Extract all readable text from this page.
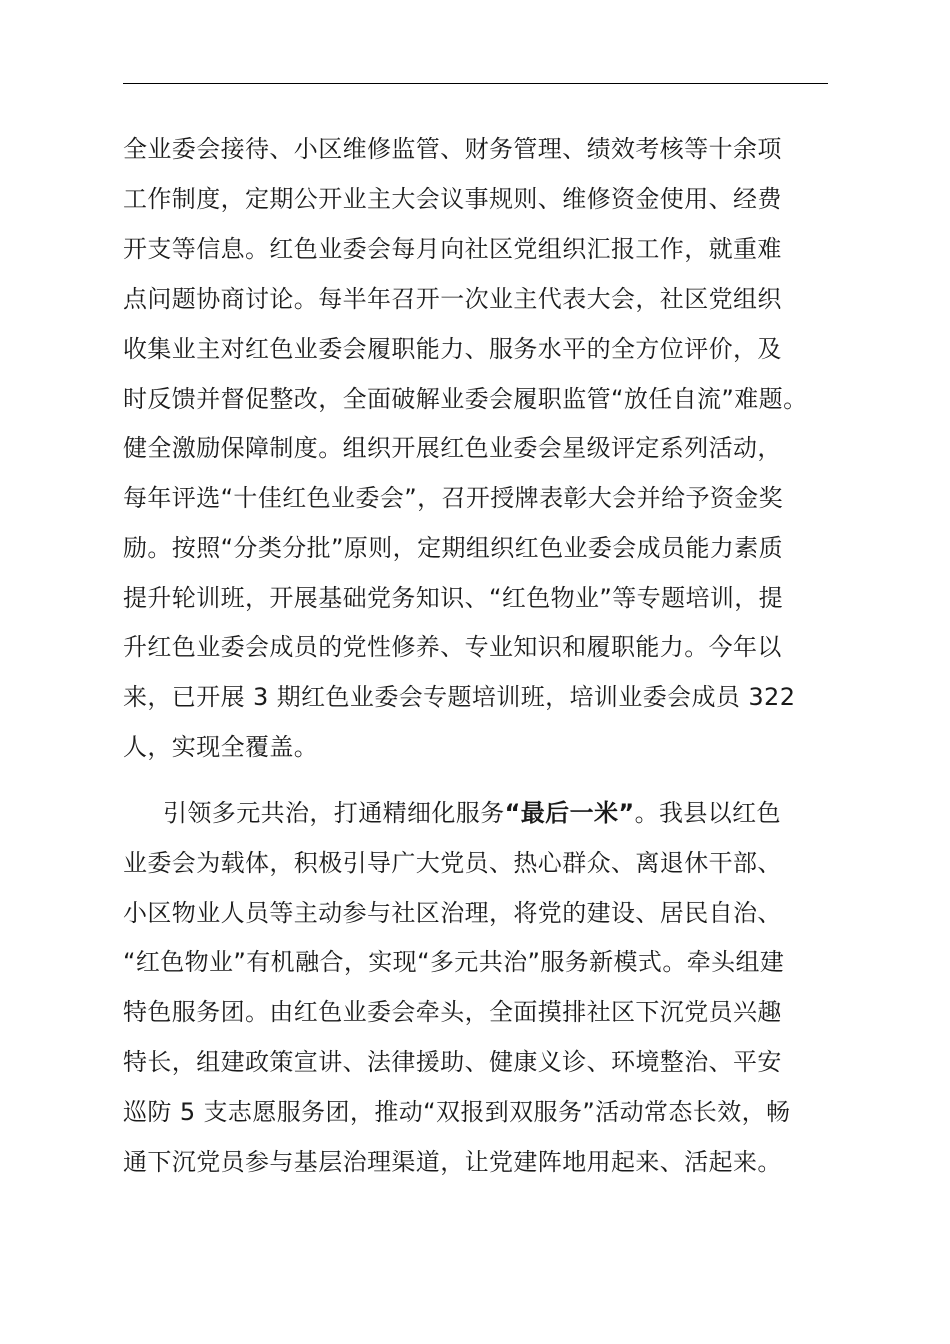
全业委会接待、小区维修监管、财务管理、绩效考核等十余项
工作制度，定期公开业主大会议事规则、维修资金使用、经费
开支等信息。红色业委会每月向社区党组织汇报工作，就重难
点问题协商讨论。每半年召开一次业主代表大会，社区党组织
收集业主对红色业委会履职能力、服务水平的全方位评价，及
时反馈并督促整改，全面破解业委会履职监管“放任自流”难题。
健全激励保障制度。组织开展红色业委会星级评定系列活动，
每年评选“十佳红色业委会”，召开授牌表彰大会并给予资金奖
励。按照“分类分批”原则，定期组织红色业委会成员能力素质
提升轮训班，开展基础党务知识、“红色物业”等专题培训，提
升红色业委会成员的党性修养、专业知识和履职能力。今年以
来，已开展 3 期红色业委会专题培训班，培训业委会成员 322
人，实现全覆盖。
引领多元共治，打通精细化服务“最后一米”。我县以红色
业委会为载体，积极引导广大党员、热心群众、离退休干部、
小区物业人员等主动参与社区治理，将党的建设、居民自治、
“红色物业”有机融合，实现“多元共治”服务新模式。牵头组建
特色服务团。由红色业委会牵头，全面摸排社区下沉党员兴趣
特长，组建政策宣讲、法律援助、健康义诊、环境整治、平安
巡防 5 支志愿服务团，推动“双报到双服务”活动常态长效，畅
通下沉党员参与基层治理渠道，让党建阵地用起来、活起来。
